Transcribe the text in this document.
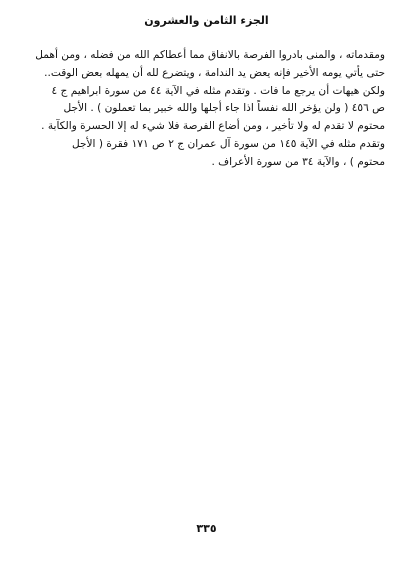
الجزء الثامن والعشرون
ومقدماته ، والمنى بادروا الفرصة بالانفاق مما أعطاكم الله من فضله ، ومن أهمل
حتى يأتي يومه الأخير فإنه يعض يد الندامة ، ويتضرع لله أن يمهله بعض الوقت..
ولكن هيهات أن يرجع ما فات . وتقدم مثله في الآية ٤٤ من سورة ابراهيم ج ٤
ص ٤٥٦ ( ولن يؤخر الله نفساً اذا جاء أجلها والله خبير بما تعملون ) . الأجل
محتوم لا تقدم له ولا تأخير ، ومن أضاع الفرصة فلا شيء له إلا الحسرة والكآبة .
وتقدم مثله في الآية ١٤٥ من سورة آل عمران ج ٢ ص ١٧١ فقرة ( الأجل
محتوم ) ، والآية ٣٤ من سورة الأعراف .
٣٣٥
